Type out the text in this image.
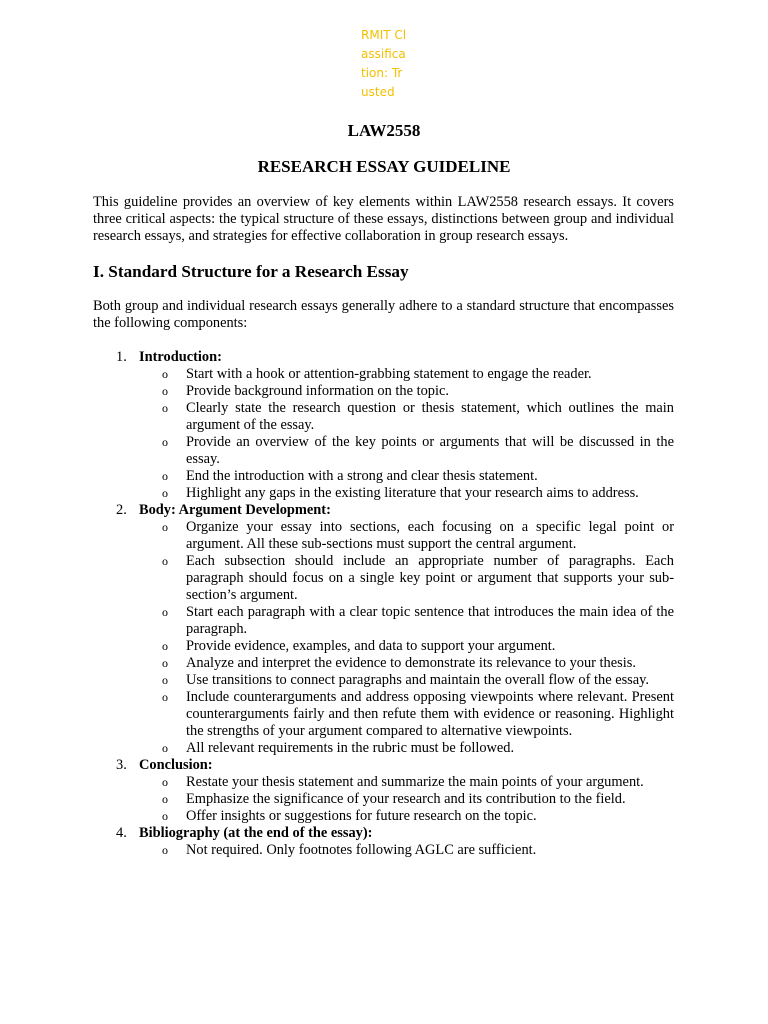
RMIT Classification: Trusted
LAW2558
RESEARCH ESSAY GUIDELINE

This guideline provides an overview of key elements within LAW2558 research essays. It covers three critical aspects: the typical structure of these essays, distinctions between group and individual research essays, and strategies for effective collaboration in group research essays.

I. Standard Structure for a Research Essay

Both group and individual research essays generally adhere to a standard structure that encompasses the following components:

1. Introduction:
o Start with a hook or attention-grabbing statement to engage the reader.
o Provide background information on the topic.
o Clearly state the research question or thesis statement, which outlines the main argument of the essay.
o Provide an overview of the key points or arguments that will be discussed in the essay.
o End the introduction with a strong and clear thesis statement.
o Highlight any gaps in the existing literature that your research aims to address.
2. Body: Argument Development:
o Organize your essay into sections, each focusing on a specific legal point or argument. All these sub-sections must support the central argument.
o Each subsection should include an appropriate number of paragraphs. Each paragraph should focus on a single key point or argument that supports your sub-section’s argument.
o Start each paragraph with a clear topic sentence that introduces the main idea of the paragraph.
o Provide evidence, examples, and data to support your argument.
o Analyze and interpret the evidence to demonstrate its relevance to your thesis.
o Use transitions to connect paragraphs and maintain the overall flow of the essay.
o Include counterarguments and address opposing viewpoints where relevant. Present counterarguments fairly and then refute them with evidence or reasoning. Highlight the strengths of your argument compared to alternative viewpoints.
o All relevant requirements in the rubric must be followed.
3. Conclusion:
o Restate your thesis statement and summarize the main points of your argument.
o Emphasize the significance of your research and its contribution to the field.
o Offer insights or suggestions for future research on the topic.
4. Bibliography (at the end of the essay):
o Not required. Only footnotes following AGLC are sufficient.
